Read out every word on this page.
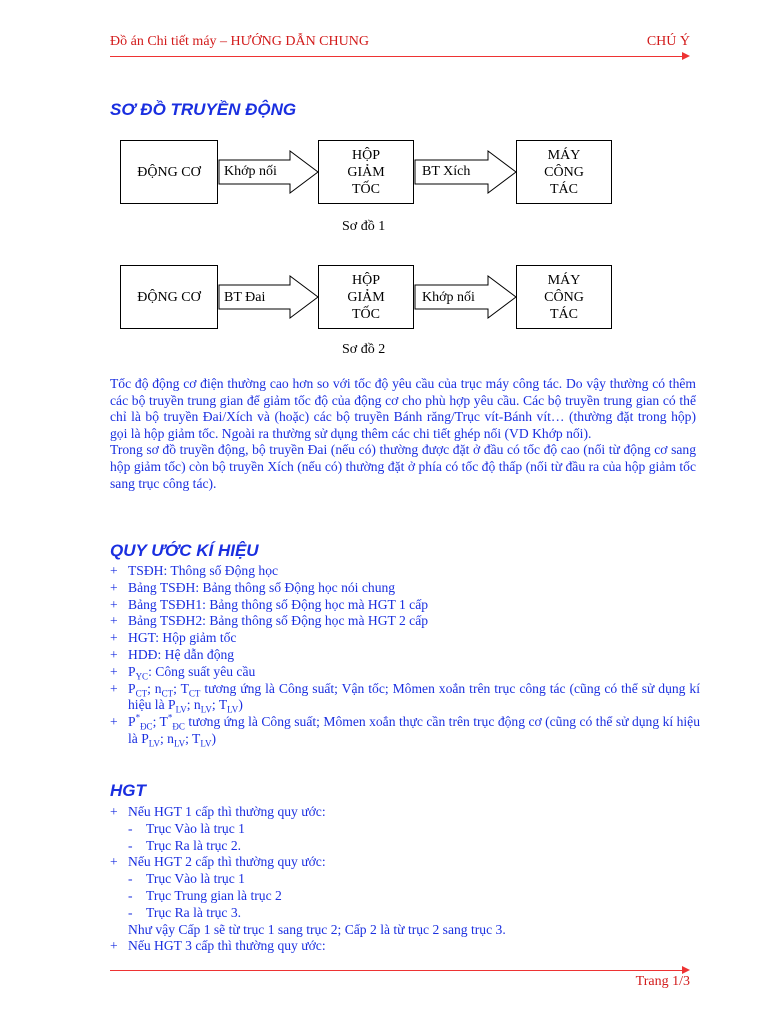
Đồ án Chi tiết máy – HƯỚNG DẪN CHUNG	CHÚ Ý
SƠ ĐỒ TRUYỀN ĐỘNG
ĐỘNG CƠ Khớp nối
HỘP
GIẢM
TỐC
BT Xích
MÁY
CÔNG
TÁC
Sơ đồ 1
ĐỘNG CƠ BT Đai
HỘP
GIẢM
TỐC
Khớp nối
MÁY
CÔNG
TÁC
Sơ đồ 2

Tốc độ động cơ điện thường cao hơn so với tốc độ yêu cầu của trục máy công tác. Do vậy thường có thêm các bộ truyền trung gian để giảm tốc độ của động cơ cho phù hợp yêu cầu. Các bộ truyền trung gian có thể chỉ là bộ truyền Đai/Xích và (hoặc) các bộ truyền Bánh răng/Trục vít-Bánh vít… (thường đặt trong hộp) gọi là hộp giảm tốc. Ngoài ra thường sử dụng thêm các chi tiết ghép nối (VD Khớp nối).

Trong sơ đồ truyền động, bộ truyền Đai (nếu có) thường được đặt ở đầu có tốc độ cao (nối từ động cơ sang hộp giảm tốc) còn bộ truyền Xích (nếu có) thường đặt ở phía có tốc độ thấp (nối từ đầu ra của hộp giảm tốc sang trục công tác).

QUY ƯỚC KÍ HIỆU
+ TSĐH: Thông số Động học
+ Bảng TSĐH: Bảng thông số Động học nói chung
+ Bảng TSĐH1: Bảng thông số Động học mà HGT 1 cấp
+ Bảng TSĐH2: Bảng thông số Động học mà HGT 2 cấp
+ HGT: Hộp giảm tốc
+ HDĐ: Hệ dẫn động
+ $P_{YC}$: Công suất yêu cầu
+ $P_{CT}$; $n_{CT}$; $T_{CT}$ tương ứng là Công suất; Vận tốc; Mômen xoắn trên trục công tác (cũng có thể sử dụng kí hiệu là $P_{LV}$; $n_{LV}$; $T_{LV}$)
+ $P^*_{ĐC}$; $T^*_{ĐC}$ tương ứng là Công suất; Mômen xoắn thực cần trên trục động cơ (cũng có thể sử dụng kí hiệu là $P_{LV}$; $n_{LV}$; $T_{LV}$)
HGT
+ Nếu HGT 1 cấp thì thường quy ước:
- Trục Vào là trục 1
- Trục Ra là trục 2.
+ Nếu HGT 2 cấp thì thường quy ước:
- Trục Vào là trục 1
- Trục Trung gian là trục 2
- Trục Ra là trục 3.
Như vậy Cấp 1 sẽ từ trục 1 sang trục 2; Cấp 2 là từ trục 2 sang trục 3.
+ Nếu HGT 3 cấp thì thường quy ước:
Trang 1/3
